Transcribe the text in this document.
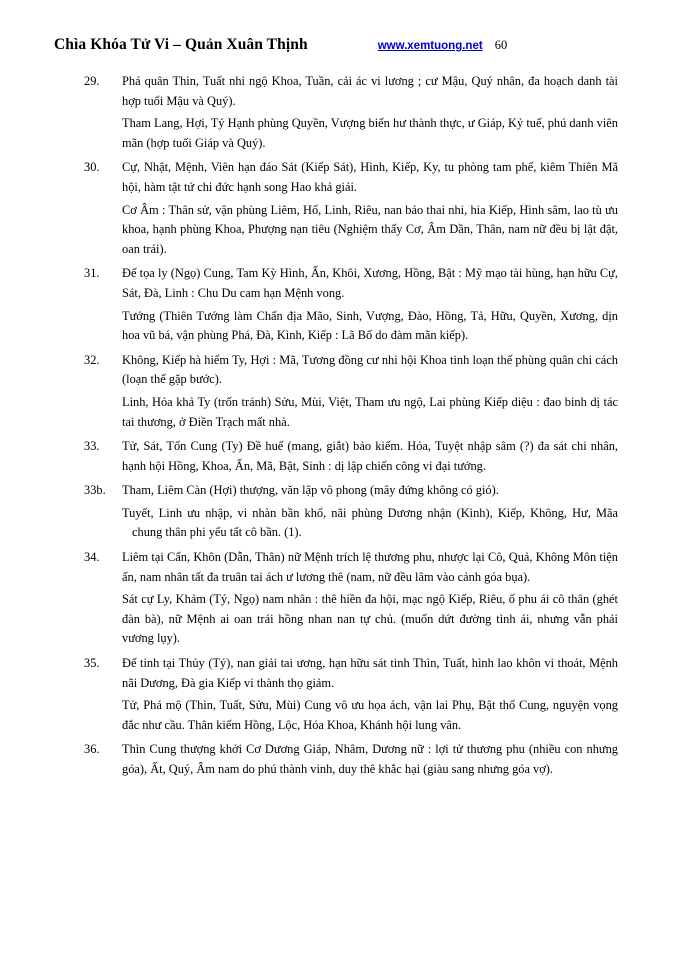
Chìa Khóa Tử Vi – Quản Xuân Thịnh	www.xemtuong.net 60
29.	Phá quân Thìn, Tuất nhi ngộ Khoa, Tuần, cải ác vi lương ; cư Mậu, Quý nhân, đa hoạch danh tài hợp tuổi Mậu và Quý).

Tham Lang, Hợi, Tý Hạnh phùng Quyền, Vượng biến hư thành thực, ư Giáp, Kỷ tuế, phú danh viên mãn (hợp tuổi Giáp và Quý).

30.	Cự, Nhật, Mệnh, Viên hạn đáo Sát (Kiếp Sát), Hình, Kiếp, Ky, tu phòng tam phế, kiêm Thiên Mã hội, hàm tật tứ chi đức hạnh song Hao khả giải.

Cơ Âm : Thân sử, vận phùng Liêm, Hổ, Linh, Riêu, nan bảo thai nhi, hia Kiếp, Hình sâm, lao tù ưu khoa, hạnh phùng Khoa, Phượng nạn tiêu (Nghiệm thấy Cơ, Âm Dần, Thân, nam nữ đều bị lật đật, oan trái).

31.	Đế tọa ly (Ngọ) Cung, Tam Kỳ Hình, Ấn, Khôi, Xương, Hồng, Bật : Mỹ mạo tài hùng, hạn hữu Cự, Sát, Đà, Linh : Chu Du cam hạn Mệnh vong.

Tướng (Thiên Tướng làm Chấn địa Mão, Sinh, Vượng, Đào, Hồng, Tả, Hữu, Quyền, Xương, dịn hoa vũ bá, vận phùng Phá, Đà, Kình, Kiếp : Lã Bố do đàm mãn kiếp).

32.	Không, Kiếp hà hiểm Ty, Hợi : Mã, Tương đồng cư nhi hội Khoa tinh loạn thế phùng quân chi cách (loạn thế gặp bước).

Linh, Hỏa khả Ty (trốn tránh) Sửu, Mùi, Việt, Tham ưu ngộ, Lai phùng Kiếp diệu : đao binh dị tác tai thương, ở Điền Trạch mất nhà.

33.	Tử, Sát, Tốn Cung (Ty) Đề huế (mang, giắt) bảo kiếm. Hỏa, Tuyệt nhập sâm (?) đa sát chi nhân, hạnh hội Hồng, Khoa, Ấn, Mã, Bật, Sinh : dị lập chiến công vi đại tướng.

33b.	Tham, Liêm Càn (Hợi) thượng, văn lập vô phong (mây đứng không có gió).

Tuyết, Linh ưu nhập, vi nhàn bần khổ, nãi phùng Dương nhận (Kình), Kiếp, Không, Hư, Mãa chung thân phi yểu tất cô bần. (1).

34.	Liêm tại Cấn, Khôn (Dẫn, Thân) nữ Mệnh trích lệ thương phu, nhược lại Cô, Quả, Không Môn tiện ấn, nam nhân tất đa truân tai ách ư lương thê (nam, nữ đều lâm vào cảnh góa bụa).

Sát cự Ly, Khảm (Tý, Ngọ) nam nhân : thê hiền đa hội, mạc ngộ Kiếp, Riêu, ố phu ái cô thân (ghét đàn bà), nữ Mệnh ai oan trái hồng nhan nan tự chủ. (muốn dứt đường tình ái, nhưng vẫn phải vương lụy).

35.	Đế tinh tại Thủy (Tý), nan giải tai ương, hạn hữu sát tinh Thìn, Tuất, hình lao khôn vi thoát, Mệnh nãi Dương, Đà gia Kiếp vi thành thọ giảm.

Tử, Phá mộ (Thìn, Tuất, Sửu, Mùi) Cung vô ưu họa ách, vận lai Phụ, Bật thổ Cung, nguyện vọng đắc như cầu. Thân kiếm Hồng, Lộc, Hóa Khoa, Khánh hội lung vân.

36.	Thìn Cung thượng khởi Cơ Dương Giáp, Nhâm, Dương nữ : lợi tử thương phu (nhiều con nhưng góa), Ất, Quý, Âm nam do phú thành vinh, duy thê khắc hại (giàu sang nhưng góa vợ).
